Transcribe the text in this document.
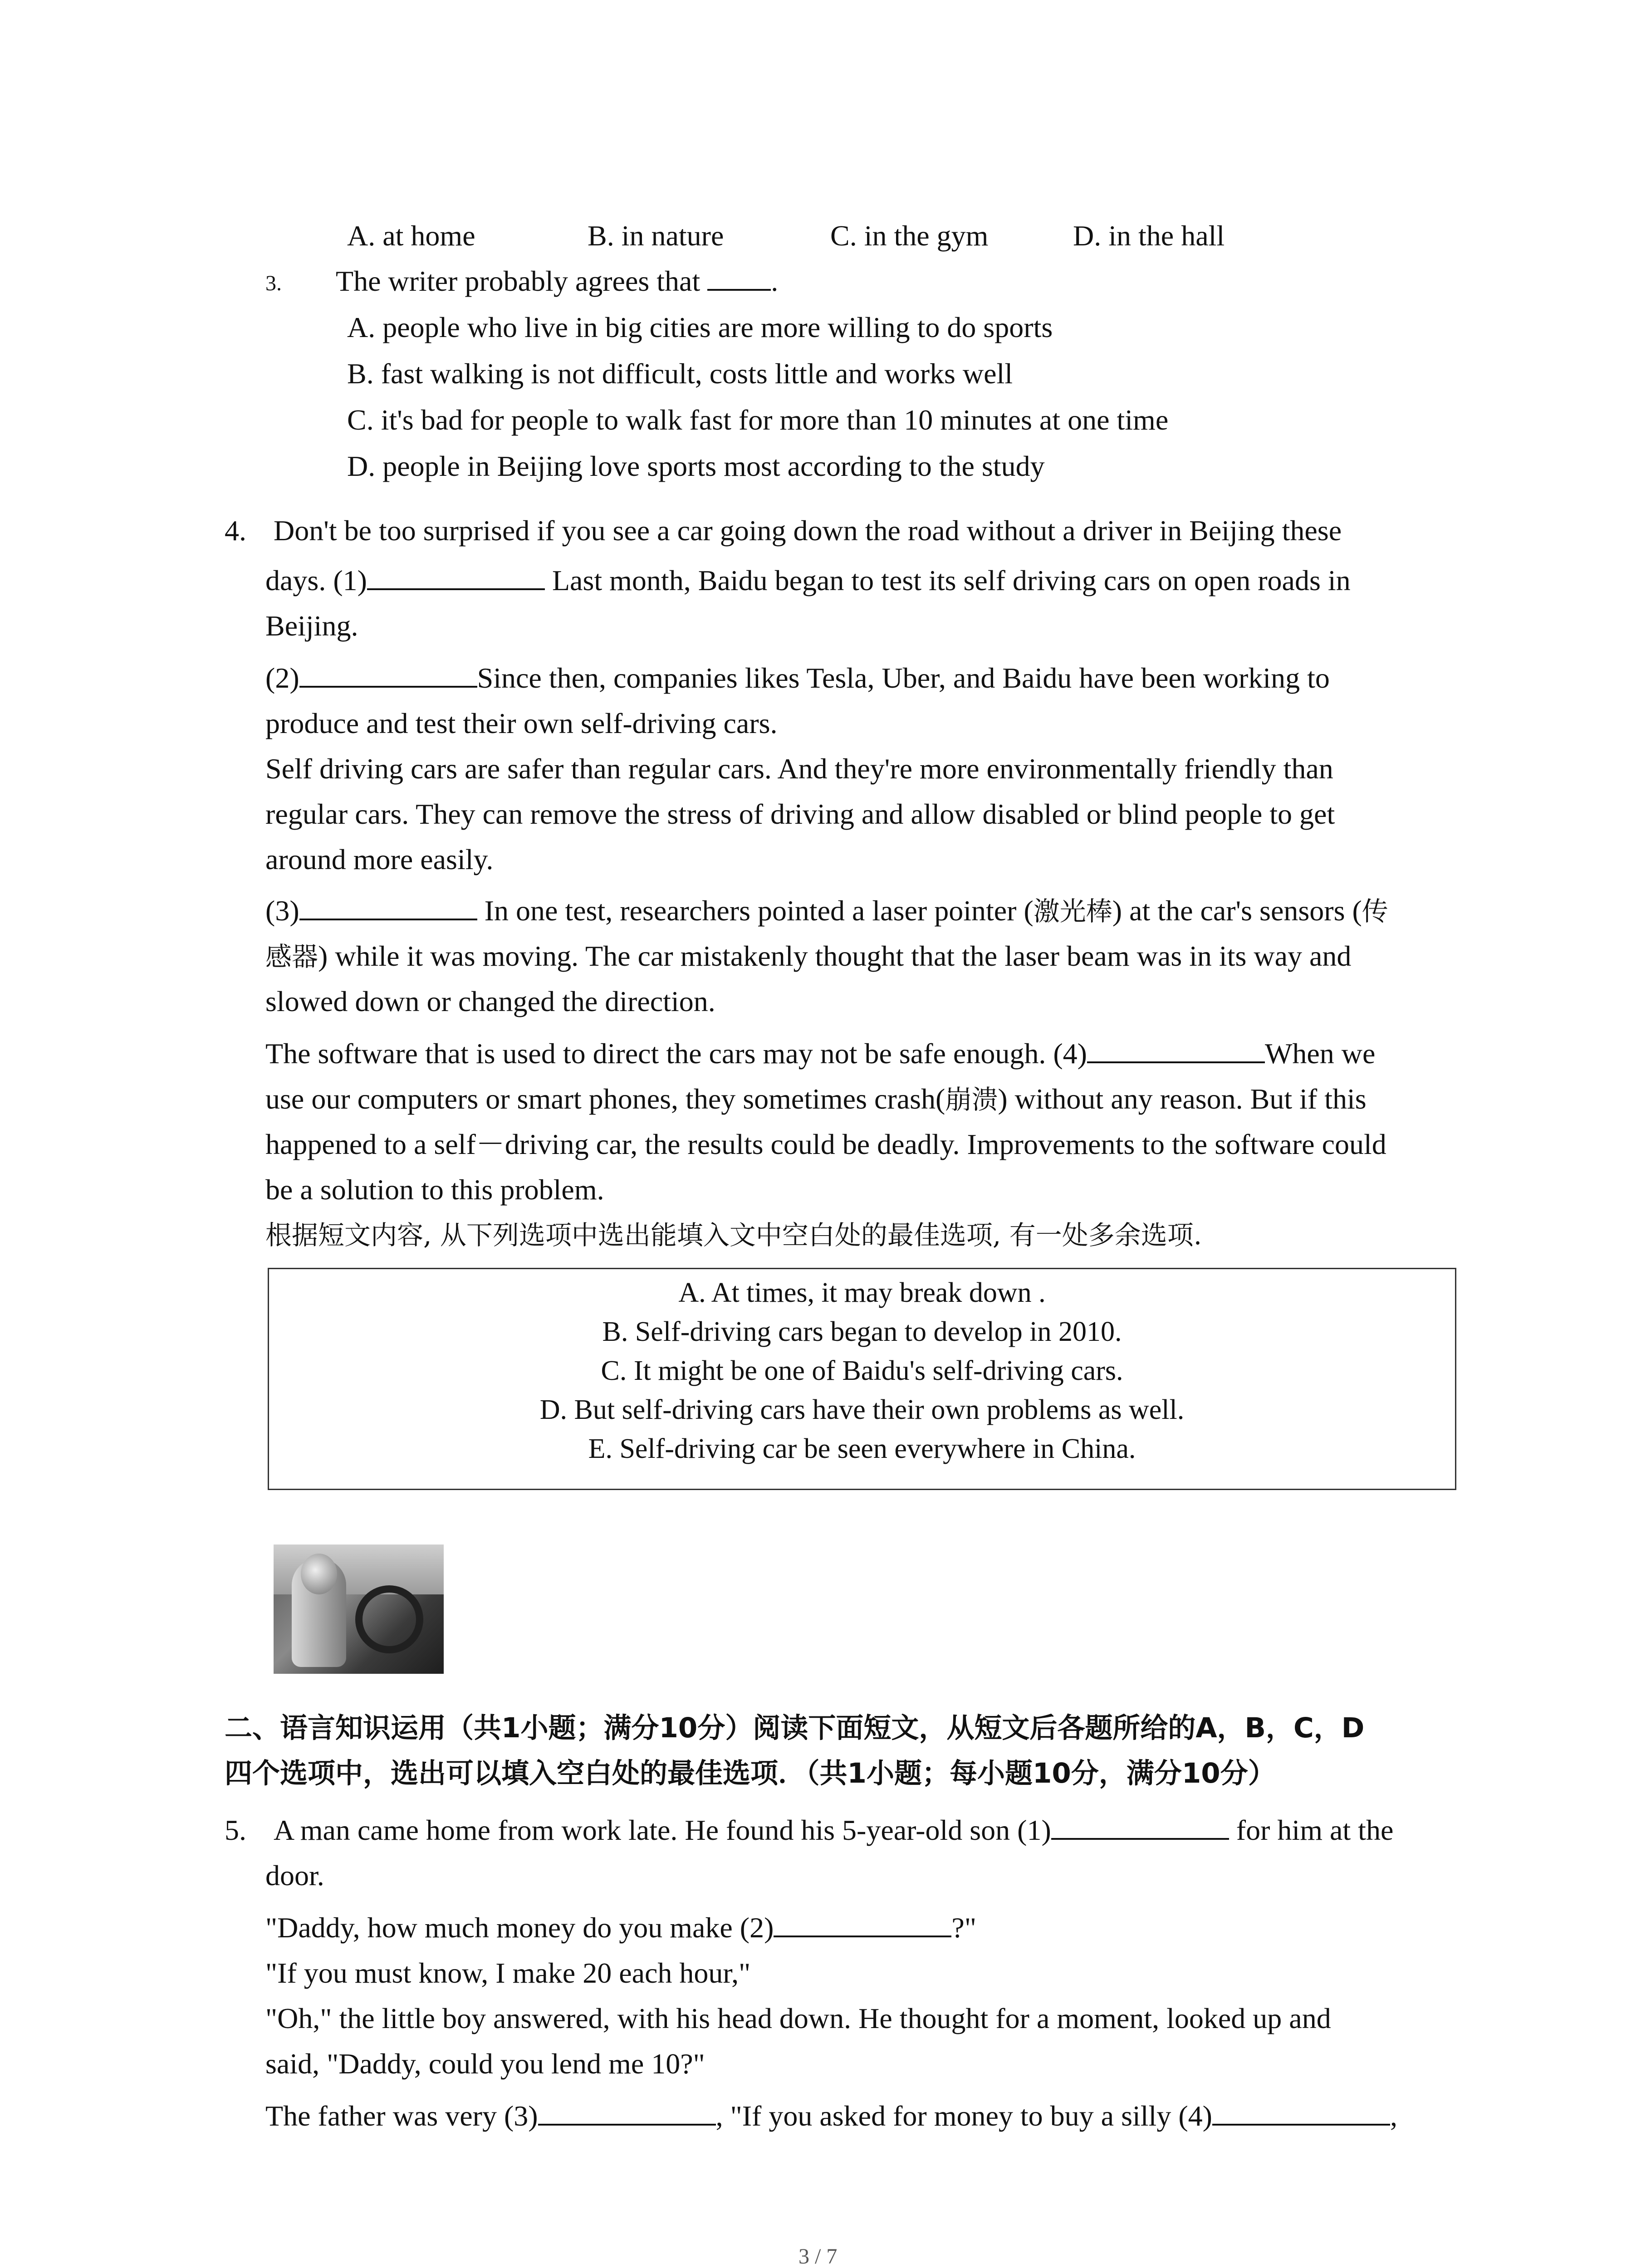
A. at home	B. in nature	C. in the gym	D. in the hall
3. The writer probably agrees that .
A. people who live in big cities are more willing to do sports
B. fast walking is not difficult, costs little and works well
C. it's bad for people to walk fast for more than 10 minutes at one time
D. people in Beijing love sports most according to the study
4. Don't be too surprised if you see a car going down the road without a driver in Beijing these
days. (1)	Last month, Baidu began to test its self driving cars on open roads in
Beijing.
(2)	Since then, companies likes Tesla, Uber, and Baidu have been working to
produce and test their own self-driving cars.
Self driving cars are safer than regular cars. And they're more environmentally friendly than
regular cars. They can remove the stress of driving and allow disabled or blind people to get
around more easily.
(3)	In one test, researchers pointed a laser pointer (激光棒) at the car's sensors (传
感器) while it was moving. The car mistakenly thought that the laser beam was in its way and
slowed down or changed the direction.
The software that is used to direct the cars may not be safe enough. (4)	When we
use our computers or smart phones, they sometimes crash(崩溃) without any reason. But if this
happened to a self－driving car, the results could be deadly. Improvements to the software could
be a solution to this problem.
根据短文内容, 从下列选项中选出能填入文中空白处的最佳选项, 有一处多余选项.
A. At times, it may break down .
B. Self-driving cars began to develop in 2010.
C. It might be one of Baidu's self-driving cars.
D. But self-driving cars have their own problems as well.
E. Self-driving car be seen everywhere in China.
二、语言知识运用（共1小题；满分10分）阅读下面短文，从短文后各题所给的A，B，C，D
四个选项中，选出可以填入空白处的最佳选项．（共1小题；每小题10分，满分10分）
5. A man came home from work late. He found his 5-year-old son (1)	for him at the
door.
"Daddy, how much money do you make (2)	?"
"If you must know, I make 20 each hour,"
"Oh," the little boy answered, with his head down. He thought for a moment, looked up and
said, "Daddy, could you lend me 10?"
The father was very (3)	, "If you asked for money to buy a silly (4)	,
3 / 7
